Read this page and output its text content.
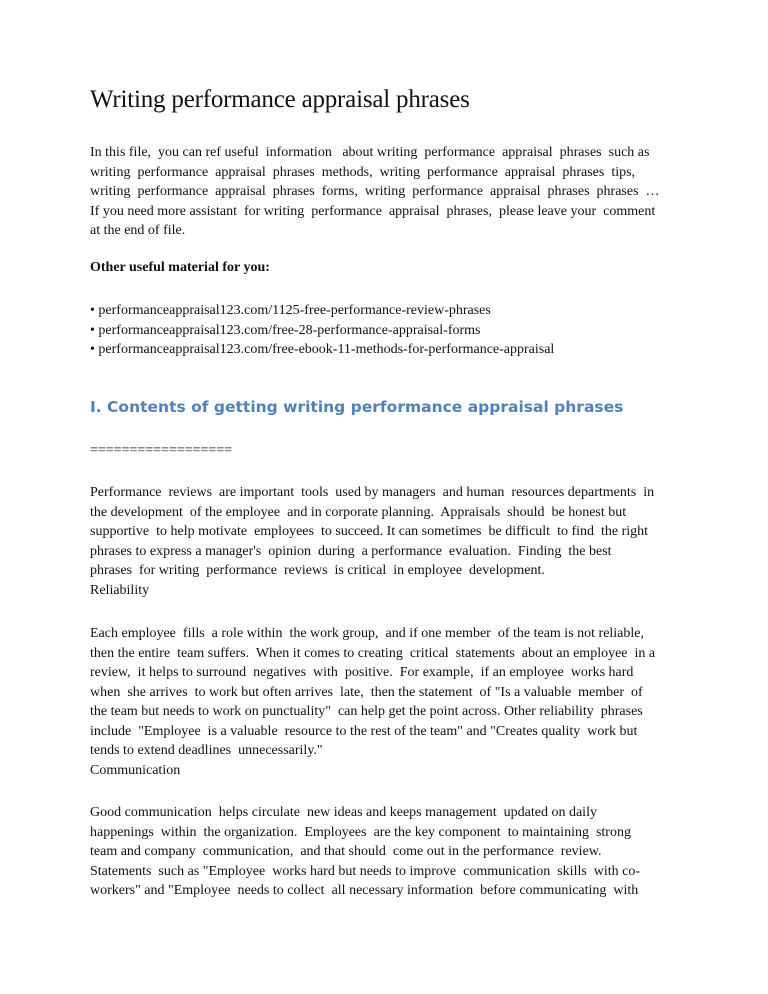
Writing performance appraisal phrases
In this file,  you can ref useful  information   about writing  performance  appraisal  phrases  such as
writing  performance  appraisal  phrases  methods,  writing  performance  appraisal  phrases  tips,
writing  performance  appraisal  phrases  forms,  writing  performance  appraisal  phrases  phrases  …
If you need more assistant  for writing  performance  appraisal  phrases,  please leave your  comment
at the end of file.
Other useful material for you:
• performanceappraisal123.com/1125-free-performance-review-phrases
• performanceappraisal123.com/free-28-performance-appraisal-forms
• performanceappraisal123.com/free-ebook-11-methods-for-performance-appraisal
I. Contents of getting writing performance appraisal phrases
==================
Performance  reviews  are important  tools  used by managers  and human  resources departments  in
the development  of the employee  and in corporate planning.  Appraisals  should  be honest but
supportive  to help motivate  employees  to succeed. It can sometimes  be difficult  to find  the right
phrases to express a manager's  opinion  during  a performance  evaluation.  Finding  the best
phrases  for writing  performance  reviews  is critical  in employee  development.
Reliability
Each employee  fills  a role within  the work group,  and if one member  of the team is not reliable,
then the entire  team suffers.  When it comes to creating  critical  statements  about an employee  in a
review,  it helps to surround  negatives  with  positive.  For example,  if an employee  works hard
when  she arrives  to work but often arrives  late,  then the statement  of "Is a valuable  member  of
the team but needs to work on punctuality"  can help get the point across. Other reliability  phrases
include  "Employee  is a valuable  resource to the rest of the team" and "Creates quality  work but
tends to extend deadlines  unnecessarily."
Communication
Good communication  helps circulate  new ideas and keeps management  updated on daily
happenings  within  the organization.  Employees  are the key component  to maintaining  strong
team and company  communication,  and that should  come out in the performance  review.
Statements  such as "Employee  works hard but needs to improve  communication  skills  with co-
workers" and "Employee  needs to collect  all necessary information  before communicating  with
